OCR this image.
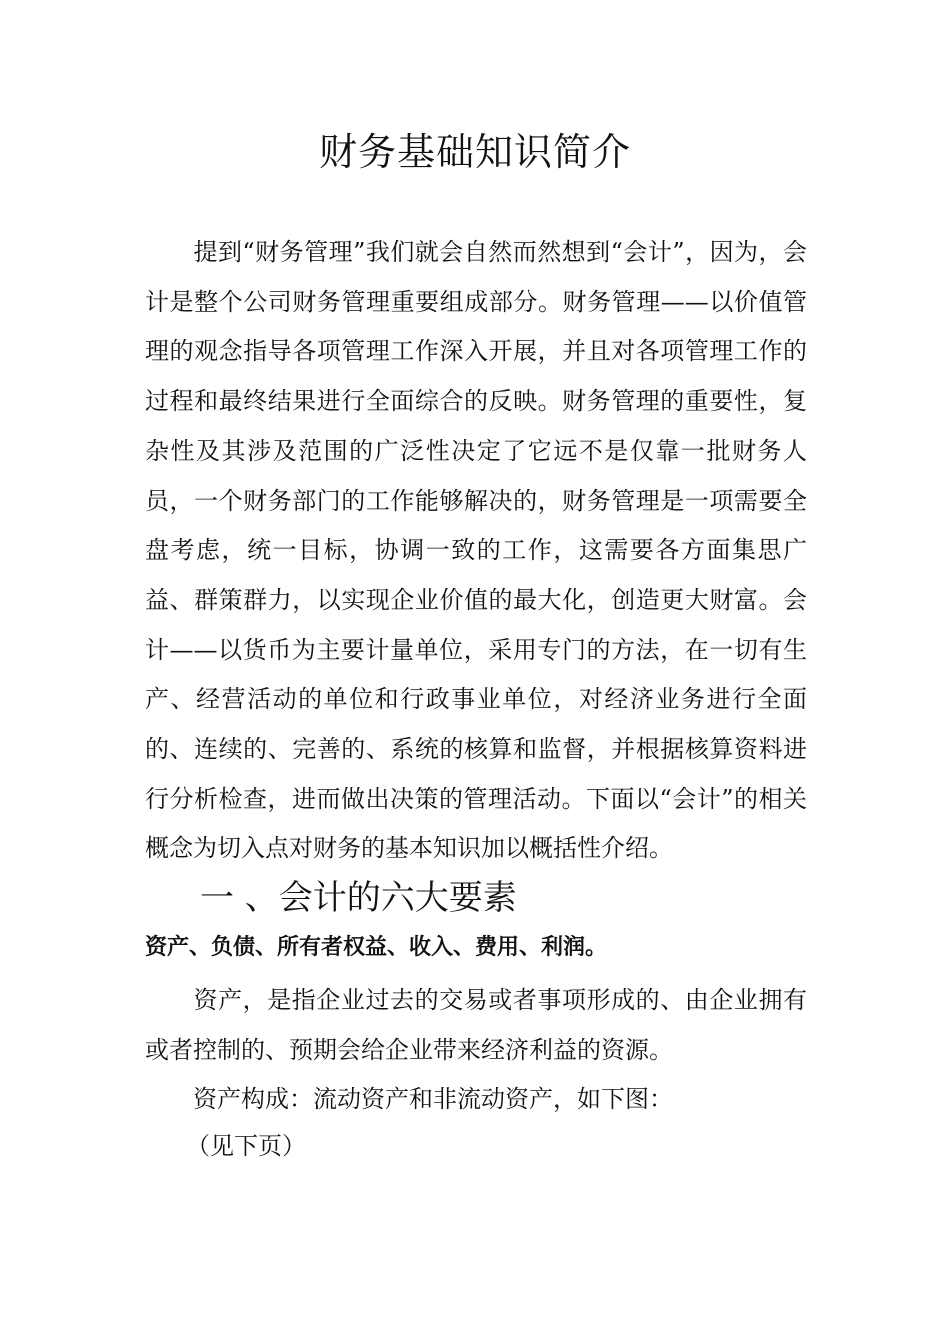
财务基础知识简介
提到“财务管理”我们就会自然而然想到“会计”，因为，会计是整个公司财务管理重要组成部分。财务管理——以价值管理的观念指导各项管理工作深入开展，并且对各项管理工作的过程和最终结果进行全面综合的反映。财务管理的重要性，复杂性及其涉及范围的广泛性决定了它远不是仅靠一批财务人员，一个财务部门的工作能够解决的，财务管理是一项需要全盘考虑，统一目标，协调一致的工作，这需要各方面集思广益、群策群力，以实现企业价值的最大化，创造更大财富。会计——以货币为主要计量单位，采用专门的方法，在一切有生产、经营活动的单位和行政事业单位，对经济业务进行全面的、连续的、完善的、系统的核算和监督，并根据核算资料进行分析检查，进而做出决策的管理活动。下面以“会计”的相关概念为切入点对财务的基本知识加以概括性介绍。
一 、会计的六大要素
资产、负债、所有者权益、收入、费用、利润。
资产，是指企业过去的交易或者事项形成的、由企业拥有或者控制的、预期会给企业带来经济利益的资源。
资产构成：流动资产和非流动资产，如下图：
（见下页）
